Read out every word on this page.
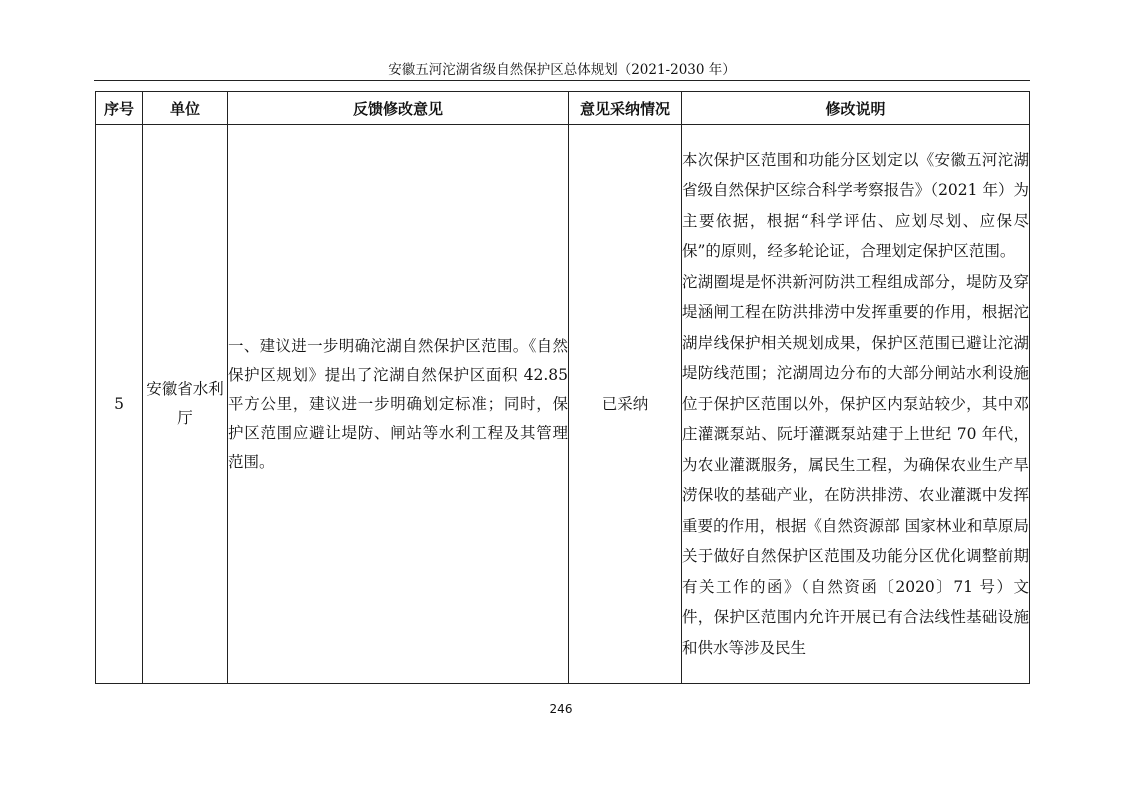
安徽五河沱湖省级自然保护区总体规划（2021-2030 年）
序号	单位	反馈修改意见	意见采纳情况	修改说明
5	安徽省水利厅	一、建议进一步明确沱湖自然保护区范围。《自然保护区规划》提出了沱湖自然保护区面积 42.85 平方公里，建议进一步明确划定标准；同时，保护区范围应避让堤防、闸站等水利工程及其管理范围。	已采纳	本次保护区范围和功能分区划定以《安徽五河沱湖省级自然保护区综合科学考察报告》（2021 年）为主要依据，根据“科学评估、应划尽划、应保尽保”的原则，经多轮论证，合理划定保护区范围。

沱湖圈堤是怀洪新河防洪工程组成部分，堤防及穿堤涵闸工程在防洪排涝中发挥重要的作用，根据沱湖岸线保护相关规划成果，保护区范围已避让沱湖堤防线范围；沱湖周边分布的大部分闸站水利设施位于保护区范围以外，保护区内泵站较少，其中邓庄灌溉泵站、阮圩灌溉泵站建于上世纪 70 年代，为农业灌溉服务，属民生工程，为确保农业生产旱涝保收的基础产业，在防洪排涝、农业灌溉中发挥重要的作用，根据《自然资源部 国家林业和草原局关于做好自然保护区范围及功能分区优化调整前期有关工作的函》（自然资函〔2020〕71 号）文件，保护区范围内允许开展已有合法线性基础设施和供水等涉及民生

246
